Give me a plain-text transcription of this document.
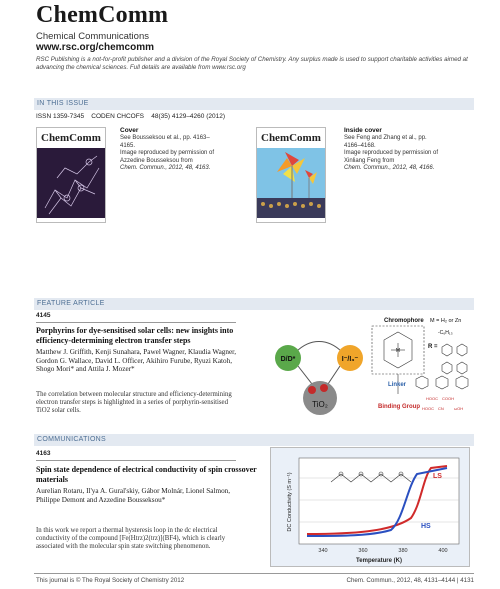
ChemComm
Chemical Communications
www.rsc.org/chemcomm
RSC Publishing is a not-for-profit publisher and a division of the Royal Society of Chemistry. Any surplus made is used to support charitable activities aimed at advancing the chemical sciences. Full details are available from www.rsc.org
IN THIS ISSUE
ISSN 1359-7345 CODEN CHCOFS 48(35) 4129–4260 (2012)
ChemComm
Cover
See Bousseksou et al., pp. 4163–4165.
Image reproduced by permission of Azzedine Bousseksou from
Chem. Commun., 2012, 48, 4163.
ChemComm
Inside cover
See Feng and Zhang et al., pp. 4166–4168.
Image reproduced by permission of Xinliang Feng from
Chem. Commun., 2012, 48, 4166.
FEATURE ARTICLE
4145
Porphyrins for dye-sensitised solar cells: new insights into efficiency-determining electron transfer steps
Matthew J. Griffith, Kenji Sunahara, Pawel Wagner, Klaudia Wagner, Gordon G. Wallace, David L. Officer, Akihiro Furube, Ryuzi Katoh, Shogo Mori* and Attila J. Mozer*
The correlation between molecular structure and efficiency-determining electron transfer steps is highlighted in a series of porphyrin-sensitised TiO2 solar cells.
D/D*	I⁻/I₃⁻
TiO₂
Chromophore
M
M = H₂ or Zn
R =
‐C₆H₁₃
Linker
Binding Group
HOOC COOH
HOOC CN	ωOH
COMMUNICATIONS
4163
Spin state dependence of electrical conductivity of spin crossover materials
Aurelian Rotaru, Il'ya A. Gural'skiy, Gábor Molnár, Lionel Salmon, Philippe Demont and Azzedine Bousseksou*
In this work we report a thermal hysteresis loop in the dc electrical conductivity of the compound [Fe(Htrz)2(trz)](BF4), which is clearly associated with the molecular spin state switching phenomenon.
LS
HS
340	360	380	400
Temperature (K)
DC Conductivity (S m⁻¹)
This journal is © The Royal Society of Chemistry 2012	Chem. Commun., 2012, 48, 4131–4144 | 4131
